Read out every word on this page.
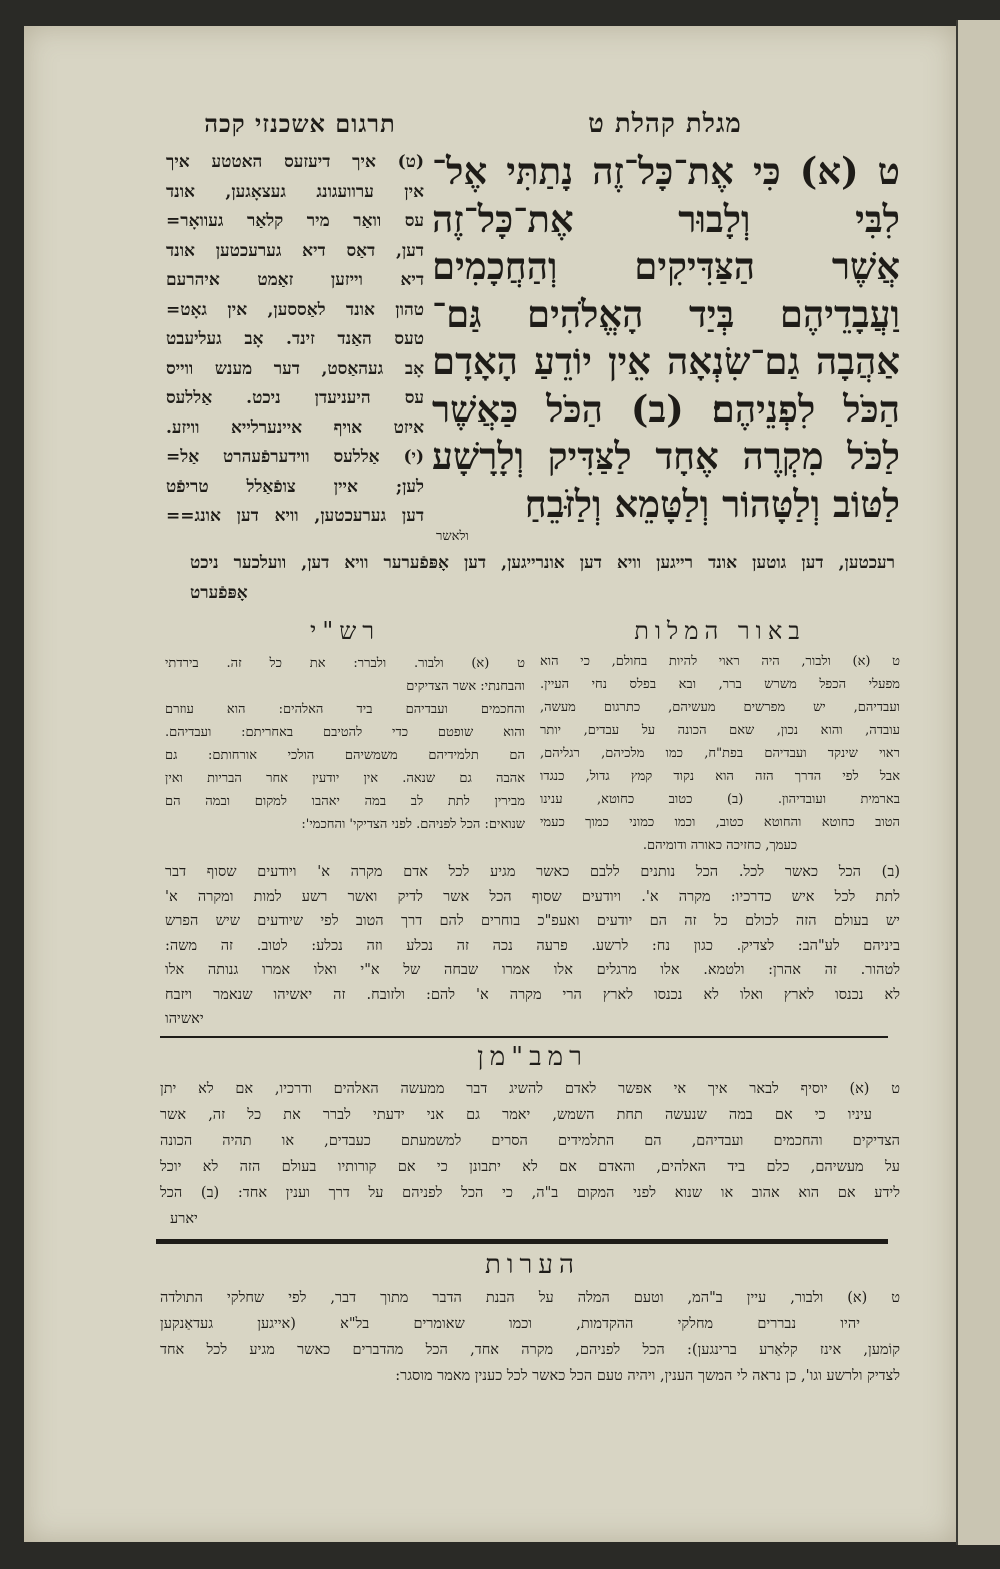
מגלת קהלת ט
תרגום אשכנזי קכה
ט (א) כִּי אֶת־כָּל־זֶה נָתַתִּי אֶל־
לִבִּי וְלָבוּר אֶת־כָּל־זֶה
אֲשֶׁר הַצַּדִּיקִים וְהַחֲכָמִים
וַעֲבָדֵיהֶם בְּיַד הָאֱלֹהִים גַּם־
אַהֲבָה גַם־שִׂנְאָה אֵין יוֹדֵעַ הָאָדָם
הַכֹּל לִפְנֵיהֶם׃ (ב) הַכֹּל כַּאֲשֶׁר
לַכֹּל מִקְרֶה אֶחָד לַצַּדִּיק וְלָרָשָׁע
לַטּוֹב וְלַטָּהוֹר וְלַטָּמֵא וְלַזֹּבֵחַ
ולאשר
(ט) איך דיעזעס האטטע איך
אין ערוועגונג געצאָגען, אונד
עס וואַר מיר קלאַר געוואָר=
דען, דאַס דיא גערעכטען אונד
דיא וייזען זאַמט איהרעם
טהון אונד לאַססען, אין גאָט=
טעס האַנד זינד. אָב געליעבט
אָב געהאַסט, דער מענש ווייס
עס היעניעדן ניכט. אַללעס
איזט אויף איינערלייא וויזע.
(י) אַללעס ווידערפֿעהרט אַל=
לען; איין צופֿאַלל טריפֿט
דען גערעכטען, וויא דען אונג==
רעכטען, דען גוטען אונד רייגען וויא דען אונרייגען, דען אָפּפֿערער וויא דען, וועלכער ניכט
אָפּפֿערט
באור המלות
ט (א) ולבור, היה ראוי להיות בחולם, כי הוא
מפעלי הכפל משרש ברר, ובא בפלס נחי העיין.
ועבדיהם, יש מפרשים מעשיהם, כתרגום מעשה,
עובדה, והוא נכון, שאם הכונה על עבדים, יותר
ראוי שינקד ועבדיהם בפת"ח, כמו מלכיהם, רגליהם,
אבל לפי הדרך הזה הוא נקוד קמץ גדול, כנגדו
בארמית ועובדיהון. (ב) כטוב כחוטא, ענינו
הטוב כחוטא והחוטא כטוב, וכמו כמוני כמוך כעמי
כעמך, כחזיכה כאורה ודומיהם.
רש"י
ט (א) ולבור. ולברר: את כל זה. בירדתי
והבחנתי: אשר הצדיקים
והחכמים ועבדיהם ביד האלהים: הוא עוזרם
והוא שופטם כדי להטיבם באחריתם: ועבדיהם.
הם תלמידיהם משמשיהם הולכי אורחותם: גם
אהבה גם שנאה. אין יודעין אחר הבריות ואין
מבירין לתת לב במה יאהבו למקום ובמה הם
שנואים: הכל לפניהם. לפני הצדיקי' והחכמי':
(ב) הכל כאשר לכל. הכל נותנים ללבם כאשר מגיע לכל אדם מקרה א' ויודעים שסוף דבר
לתת לכל איש כדרכיו: מקרה א'. ויודעים שסוף הכל אשר לדיק ואשר רשע למות ומקרה א'
יש בעולם הזה לכולם כל זה הם יודעים ואעפ"כ בוחרים להם דרך הטוב לפי שיודעים שיש הפרש
ביניהם לע"הב: לצדיק. כגון נח: לרשע. פרעה נכה זה נכלע וזה נכלע: לטוב. זה משה:
לטהור. זה אהרן: ולטמא. אלו מרגלים אלו אמרו שבחה של א"י ואלו אמרו גנותה אלו
לא נכנסו לארץ ואלו לא נכנסו לארץ הרי מקרה א' להם: ולזובח. זה יאשיהו שנאמר ויזבח
יאשיהו
רמב"מן
ט (א) יוסיף לבאר איך אי אפשר לאדם להשיג דבר ממעשה האלהים ודרכיו, אם לא יתן
עיניו כי אם במה שנעשה תחת השמש, יאמר גם אני ידעתי לברר את כל זה, אשר
הצדיקים והחכמים ועבדיהם, הם התלמידים הסרים למשמעתם כעבדים, או תהיה הכונה
על מעשיהם, כלם ביד האלהים, והאדם אם לא יתבונן כי אם קורותיו בעולם הזה לא יוכל
לידע אם הוא אהוב או שנוא לפני המקום ב"ה, כי הכל לפניהם על דרך וענין אחד: (ב) הכל
יארע
הערות
ט (א) ולבור, עיין ב"המ, וטעם המלה על הבנת הדבר מתוך דבר, לפי שחלקי התולדה
יהיו נבררים מחלקי ההקדמות, וכמו שאומרים בל"א (אייגען געדאַנקען
קוֹמען, אינז קלאַרע ברינגען): הכל לפניהם, מקרה אחד, הכל מהדברים כאשר מגיע לכל אחד
לצדיק ולרשע וגו', כן נראה לי המשך הענין, ויהיה טעם הכל כאשר לכל כענין מאמר מוסגר:
